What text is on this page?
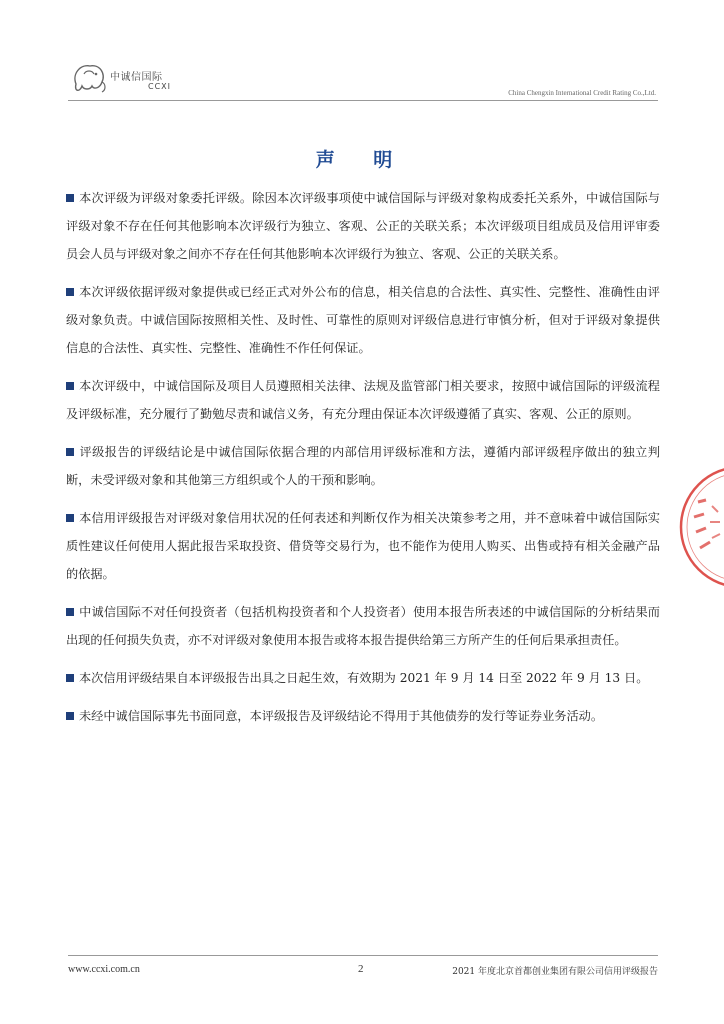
中诚信国际
CCXI
China Chengxin International Credit Rating Co.,Ltd.
声 明

本次评级为评级对象委托评级。除因本次评级事项使中诚信国际与评级对象构成委托关系外，中诚信国际与评级对象不存在任何其他影响本次评级行为独立、客观、公正的关联关系；本次评级项目组成员及信用评审委员会人员与评级对象之间亦不存在任何其他影响本次评级行为独立、客观、公正的关联关系。

本次评级依据评级对象提供或已经正式对外公布的信息，相关信息的合法性、真实性、完整性、准确性由评级对象负责。中诚信国际按照相关性、及时性、可靠性的原则对评级信息进行审慎分析，但对于评级对象提供信息的合法性、真实性、完整性、准确性不作任何保证。

本次评级中，中诚信国际及项目人员遵照相关法律、法规及监管部门相关要求，按照中诚信国际的评级流程及评级标准，充分履行了勤勉尽责和诚信义务，有充分理由保证本次评级遵循了真实、客观、公正的原则。

评级报告的评级结论是中诚信国际依据合理的内部信用评级标准和方法，遵循内部评级程序做出的独立判断，未受评级对象和其他第三方组织或个人的干预和影响。

本信用评级报告对评级对象信用状况的任何表述和判断仅作为相关决策参考之用，并不意味着中诚信国际实质性建议任何使用人据此报告采取投资、借贷等交易行为，也不能作为使用人购买、出售或持有相关金融产品的依据。

中诚信国际不对任何投资者（包括机构投资者和个人投资者）使用本报告所表述的中诚信国际的分析结果而出现的任何损失负责，亦不对评级对象使用本报告或将本报告提供给第三方所产生的任何后果承担责任。

本次信用评级结果自本评级报告出具之日起生效，有效期为 2021 年 9 月 14 日至 2022 年 9 月 13 日。

未经中诚信国际事先书面同意，本评级报告及评级结论不得用于其他债券的发行等证券业务活动。

www.ccxi.com.cn	2	2021 年度北京首都创业集团有限公司信用评级报告
